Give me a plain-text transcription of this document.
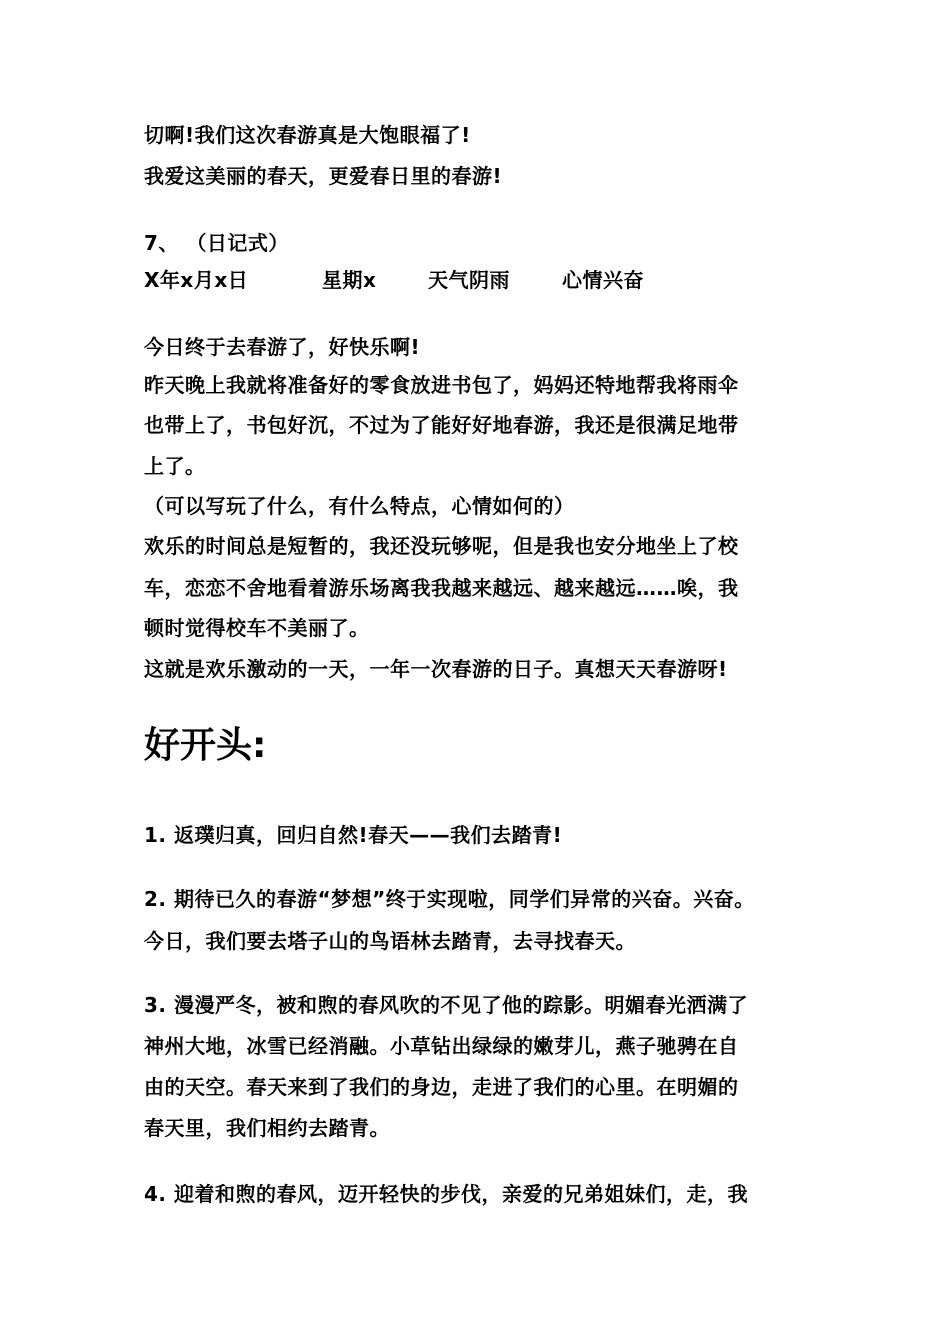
切啊!我们这次春游真是大饱眼福了!
我爱这美丽的春天，更爱春日里的春游!
7、 （日记式）
X年x月x日	星期x	天气阴雨	心情兴奋
今日终于去春游了，好快乐啊!
昨天晚上我就将准备好的零食放进书包了，妈妈还特地帮我将雨伞
也带上了，书包好沉，不过为了能好好地春游，我还是很满足地带
上了。
（可以写玩了什么，有什么特点，心情如何的）
欢乐的时间总是短暂的，我还没玩够呢，但是我也安分地坐上了校
车，恋恋不舍地看着游乐场离我我越来越远、越来越远……唉，我
顿时觉得校车不美丽了。
这就是欢乐激动的一天，一年一次春游的日子。真想天天春游呀!
好开头:
1. 返璞归真，回归自然!春天——我们去踏青!
2. 期待已久的春游“梦想”终于实现啦，同学们异常的兴奋。兴奋。
今日，我们要去塔子山的鸟语林去踏青，去寻找春天。
3. 漫漫严冬，被和煦的春风吹的不见了他的踪影。明媚春光洒满了
神州大地，冰雪已经消融。小草钻出绿绿的嫩芽儿，燕子驰骋在自
由的天空。春天来到了我们的身边，走进了我们的心里。在明媚的
春天里，我们相约去踏青。
4. 迎着和煦的春风，迈开轻快的步伐，亲爱的兄弟姐妹们，走，我
